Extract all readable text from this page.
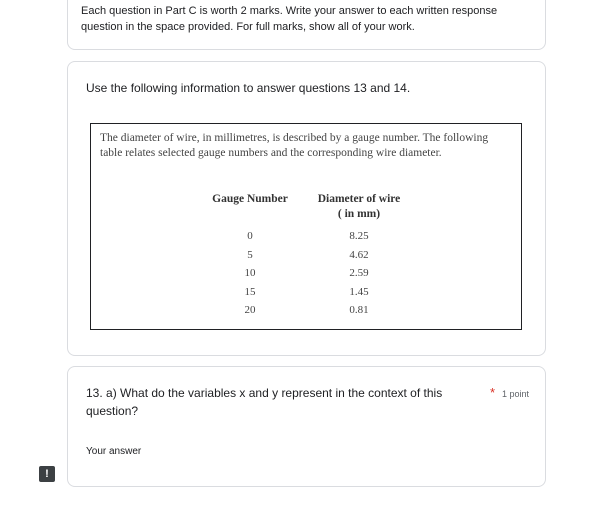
Each question in Part C is worth 2 marks. Write your answer to each written response question in the space provided. For full marks, show all of your work.
Use the following information to answer questions 13 and 14.
The diameter of wire, in millimetres, is described by a gauge number. The following table relates selected gauge numbers and the corresponding wire diameter.
Gauge Number	Diameter of wire
( in mm)
0	8.25
5	4.62
10	2.59
15	1.45
20	0.81
13. a) What do the variables x and y represent in the context of this question?
* 1 point
Your answer
!
